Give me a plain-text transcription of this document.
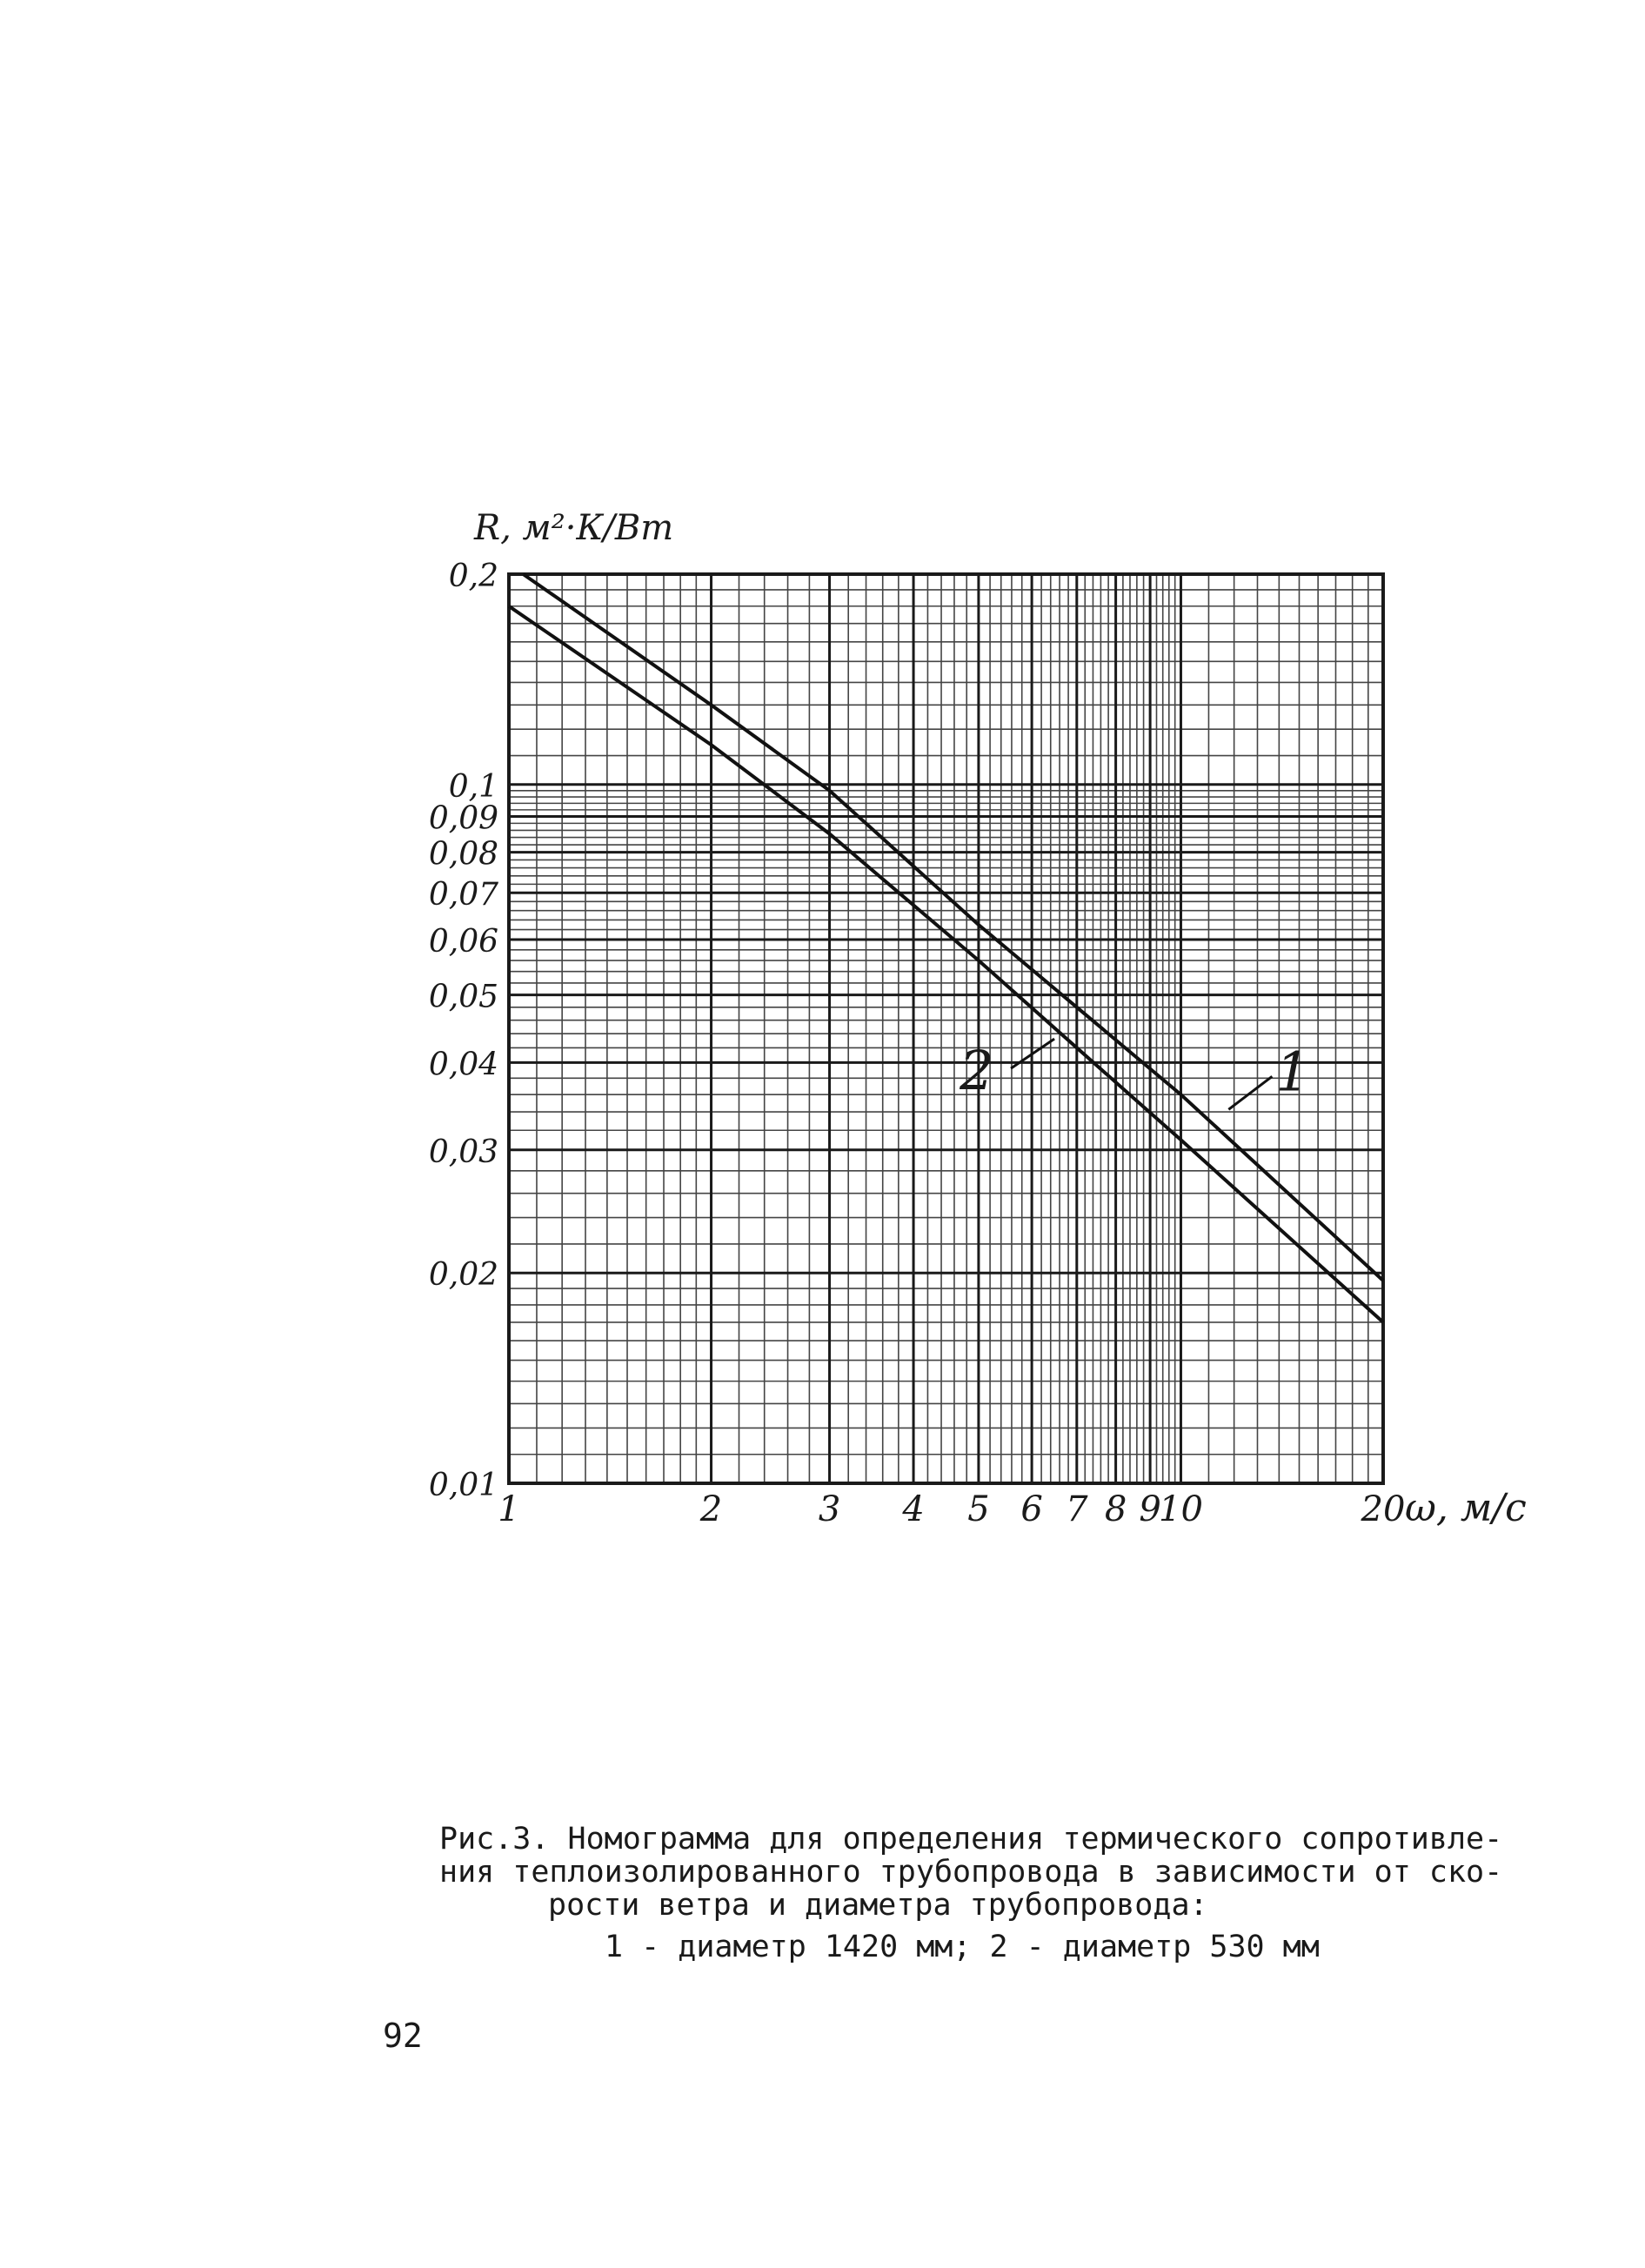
0,01
0,02
0,03
0,04
0,05
0,06
0,07
0,08
0,09
0,1
0,2
1	2	3 4 5 6 7 8 9
10	20
R, м²·К/Вт
ω, м/с
1
2
Рис.3. Номограмма для определения термического сопротивле-
ния теплоизолированного трубопровода в зависимости от ско-
рости ветра и диаметра трубопровода:
1 - диаметр 1420 мм; 2 - диаметр 530 мм
92
